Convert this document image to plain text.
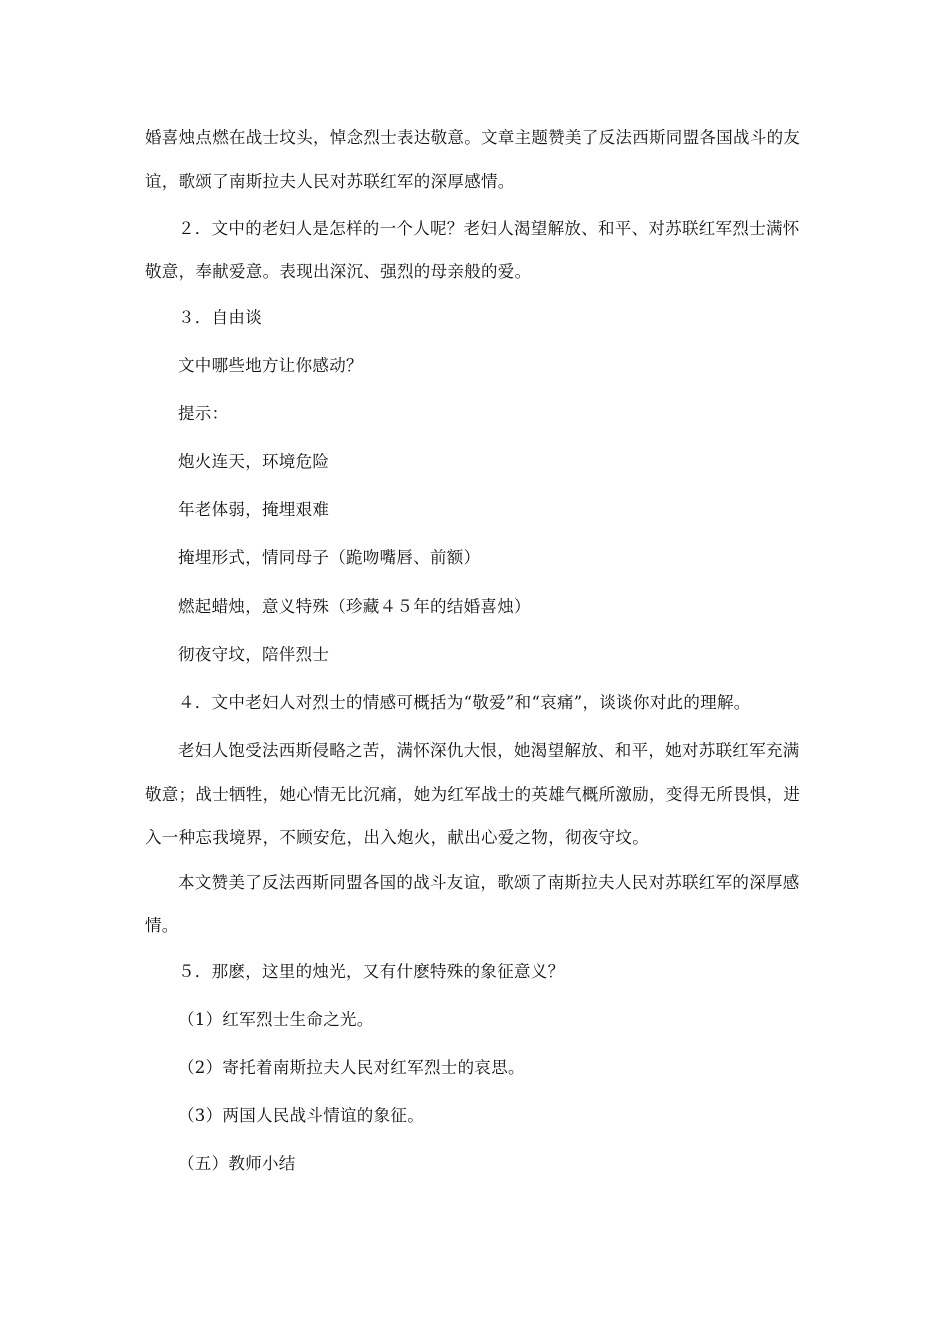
婚喜烛点燃在战士坟头，悼念烈士表达敬意。文章主题赞美了反法西斯同盟各国战斗的友
谊，歌颂了南斯拉夫人民对苏联红军的深厚感情。
２．文中的老妇人是怎样的一个人呢？老妇人渴望解放、和平、对苏联红军烈士满怀
敬意，奉献爱意。表现出深沉、强烈的母亲般的爱。
３．自由谈
文中哪些地方让你感动？
提示：
炮火连天，环境危险
年老体弱，掩埋艰难
掩埋形式，情同母子（跪吻嘴唇、前额）
燃起蜡烛，意义特殊（珍藏４５年的结婚喜烛）
彻夜守坟，陪伴烈士
４．文中老妇人对烈士的情感可概括为“敬爱”和“哀痛”，谈谈你对此的理解。
老妇人饱受法西斯侵略之苦，满怀深仇大恨，她渴望解放、和平，她对苏联红军充满
敬意；战士牺牲，她心情无比沉痛，她为红军战士的英雄气概所激励，变得无所畏惧，进
入一种忘我境界，不顾安危，出入炮火，献出心爱之物，彻夜守坟。
本文赞美了反法西斯同盟各国的战斗友谊，歌颂了南斯拉夫人民对苏联红军的深厚感
情。
５．那麽，这里的烛光，又有什麽特殊的象征意义？
（1）红军烈士生命之光。
（2）寄托着南斯拉夫人民对红军烈士的哀思。
（3）两国人民战斗情谊的象征。
（五）教师小结
